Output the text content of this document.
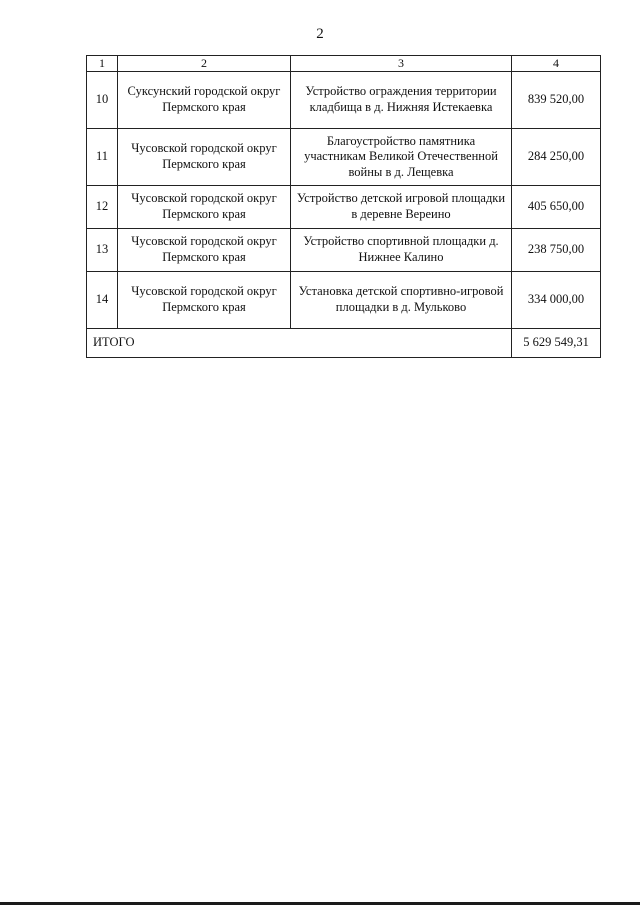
2
1	2	3	4
10	Суксунский городской округ Пермского края	Устройство ограждения территории кладбища в д. Нижняя Истекаевка	839 520,00
11	Чусовской городской округ Пермского края	Благоустройство памятника участникам Великой Отечественной войны в д. Лещевка	284 250,00
12	Чусовской городской округ Пермского края	Устройство детской игровой площадки в деревне Вереино	405 650,00
13	Чусовской городской округ Пермского края	Устройство спортивной площадки д. Нижнее Калино	238 750,00
14	Чусовской городской округ Пермского края	Установка детской спортивно-игровой площадки в д. Мульково	334 000,00
ИТОГО			5 629 549,31
